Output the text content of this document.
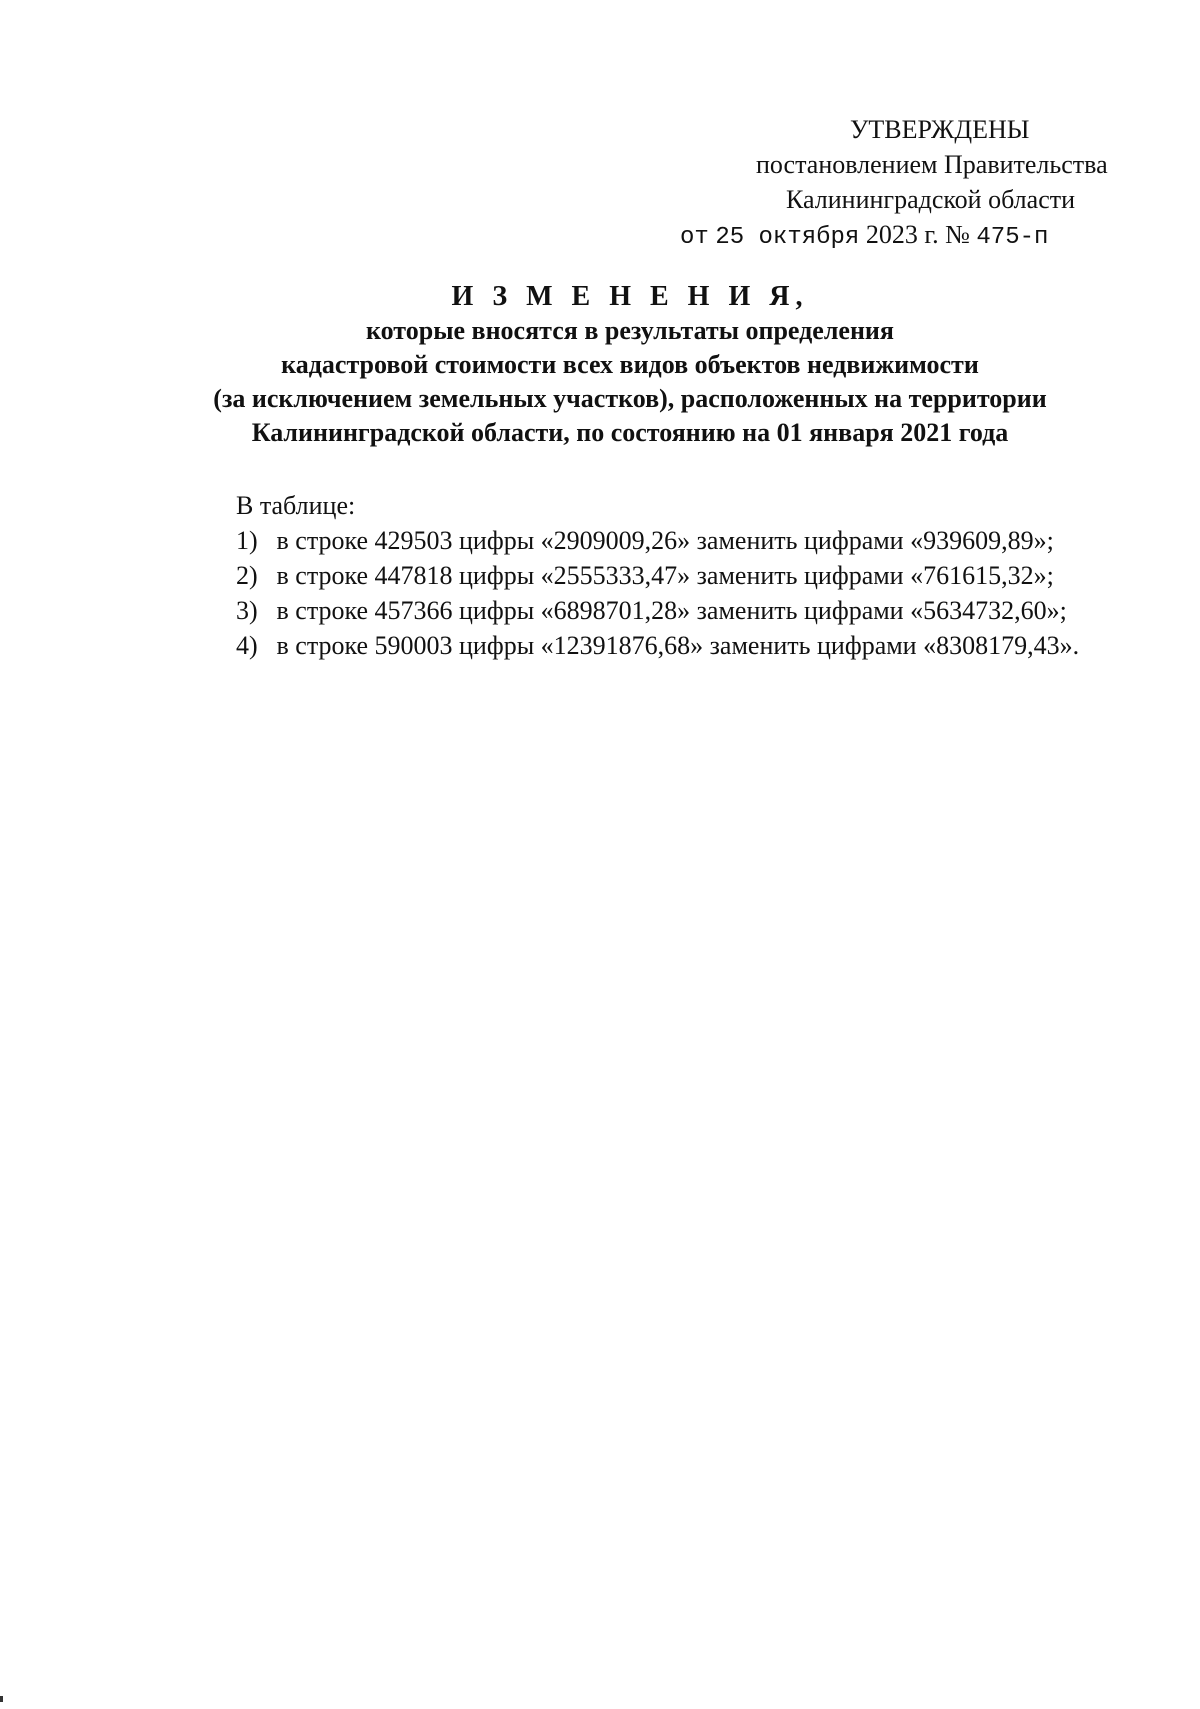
УТВЕРЖДЕНЫ
постановлением Правительства
Калининградской области
от 25 октября 2023 г. № 475-п
И З М Е Н Е Н И Я,
которые вносятся в результаты определения
кадастровой стоимости всех видов объектов недвижимости
(за исключением земельных участков), расположенных на территории
Калининградской области, по состоянию на 01 января 2021 года
В таблице:
1) в строке 429503 цифры «2909009,26» заменить цифрами «939609,89»;
2) в строке 447818 цифры «2555333,47» заменить цифрами «761615,32»;
3) в строке 457366 цифры «6898701,28» заменить цифрами «5634732,60»;
4) в строке 590003 цифры «12391876,68» заменить цифрами «8308179,43».
